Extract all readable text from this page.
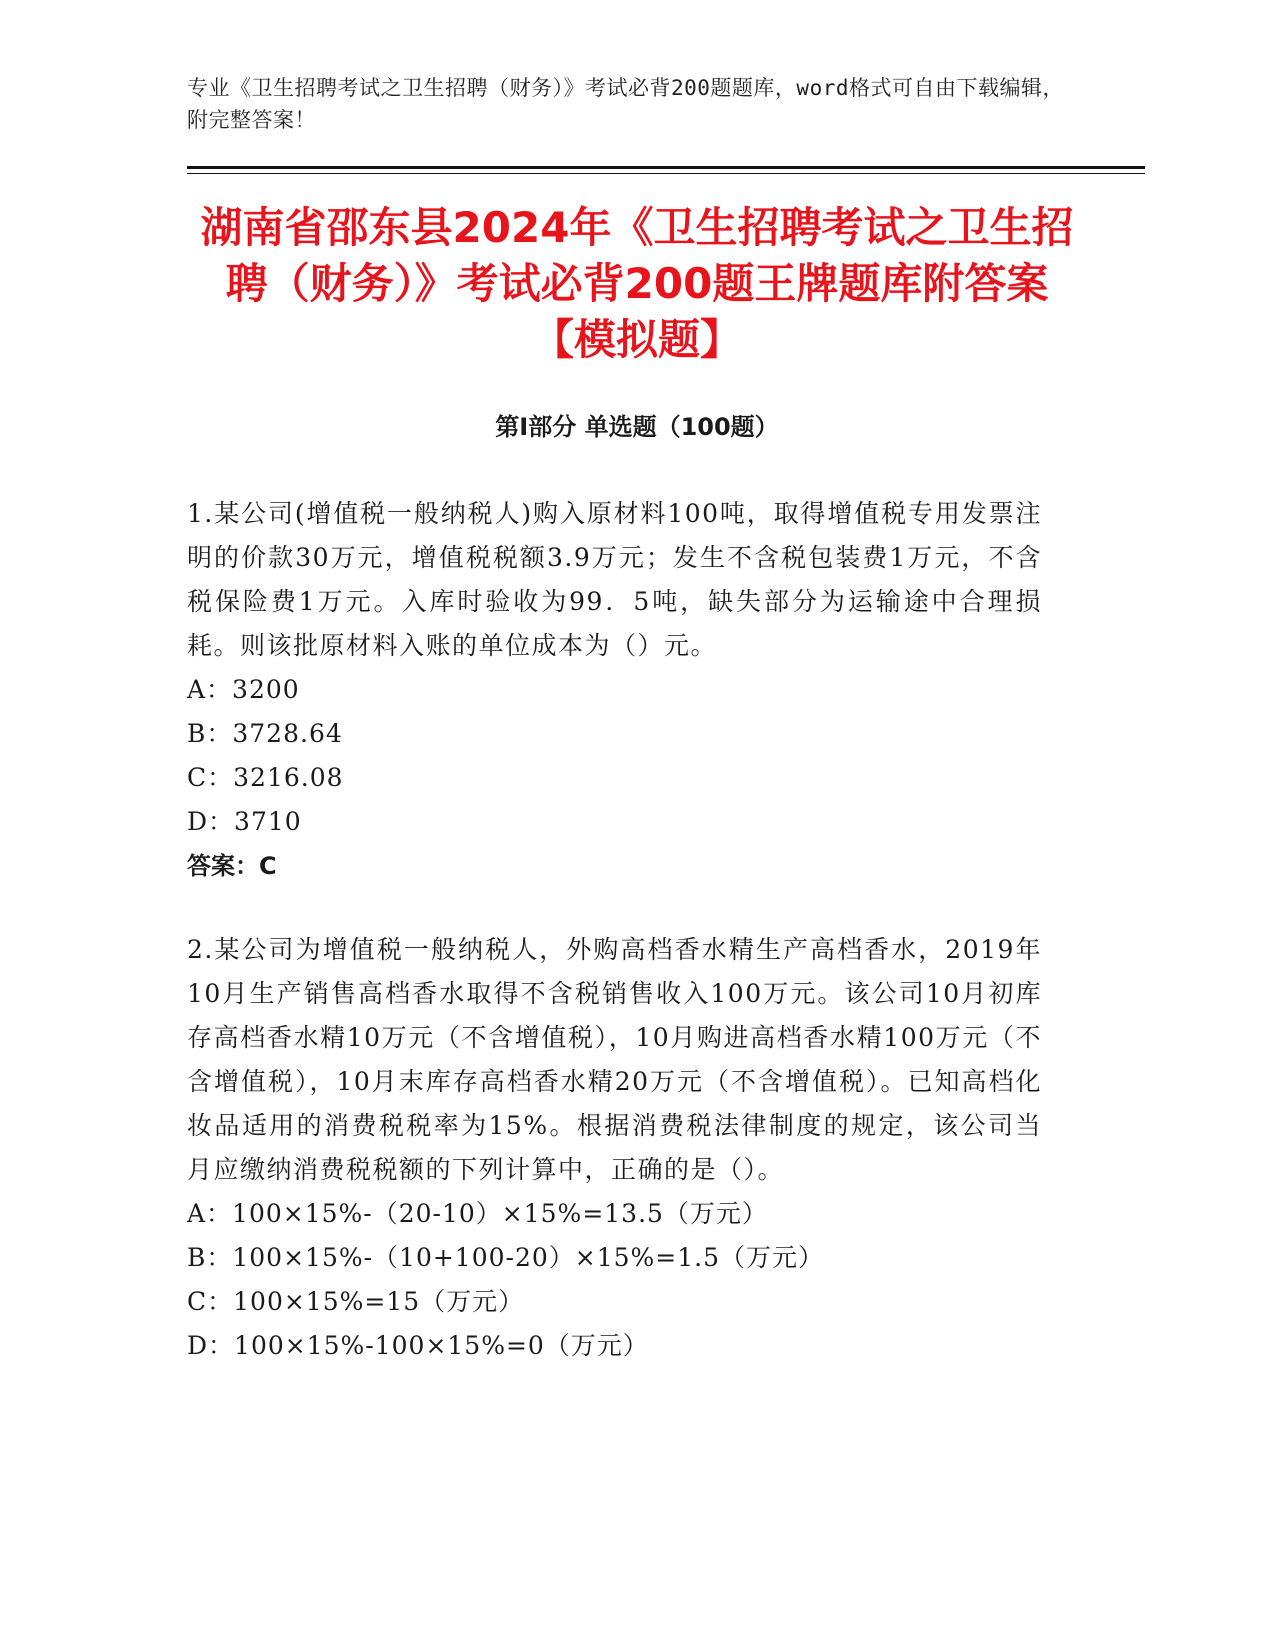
专业《卫生招聘考试之卫生招聘（财务）》考试必背200题题库，word格式可自由下载编辑，附完整答案！
湖南省邵东县2024年《卫生招聘考试之卫生招聘（财务）》考试必背200题王牌题库附答案【模拟题】
第Ⅰ部分 单选题（100题）
1.某公司(增值税一般纳税人)购入原材料100吨，取得增值税专用发票注明的价款30万元，增值税税额3.9万元；发生不含税包装费1万元，不含税保险费1万元。入库时验收为99．5吨，缺失部分为运输途中合理损耗。则该批原材料入账的单位成本为（）元。
A：3200
B：3728.64
C：3216.08
D：3710
答案：C
2.某公司为增值税一般纳税人，外购高档香水精生产高档香水，2019年10月生产销售高档香水取得不含税销售收入100万元。该公司10月初库存高档香水精10万元（不含增值税），10月购进高档香水精100万元（不含增值税），10月末库存高档香水精20万元（不含增值税）。已知高档化妆品适用的消费税税率为15%。根据消费税法律制度的规定，该公司当月应缴纳消费税税额的下列计算中，正确的是（）。
A：100×15%-（20-10）×15%=13.5（万元）
B：100×15%-（10+100-20）×15%=1.5（万元）
C：100×15%=15（万元）
D：100×15%-100×15%=0（万元）
